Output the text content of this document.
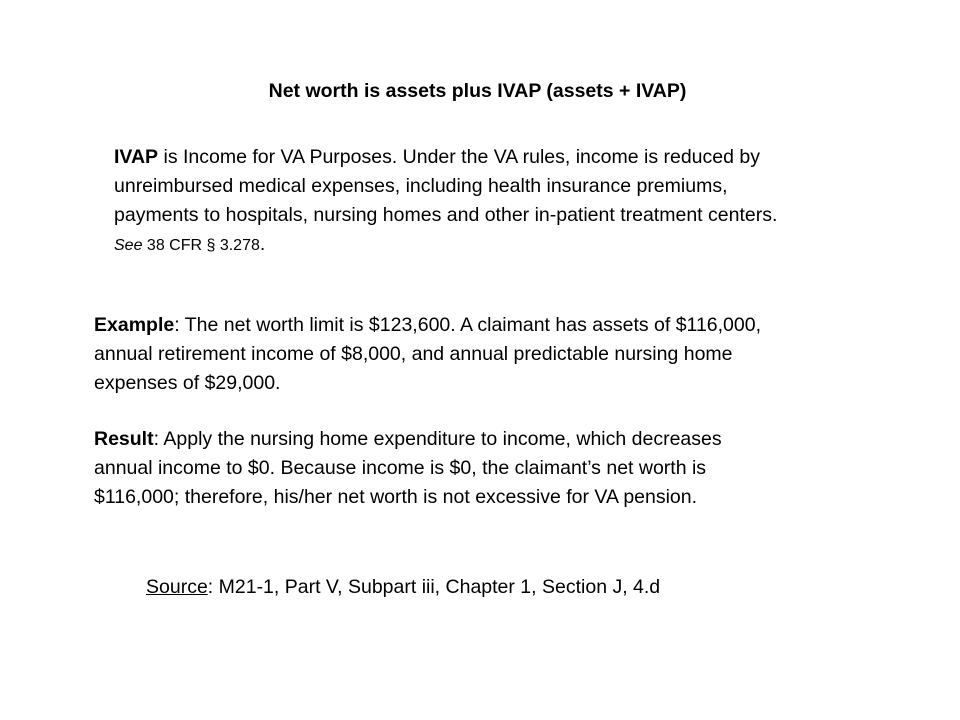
Net worth is assets plus IVAP (assets + IVAP)
IVAP is Income for VA Purposes. Under the VA rules, income is reduced by
unreimbursed medical expenses, including health insurance premiums,
payments to hospitals, nursing homes and other in-patient treatment centers.
See 38 CFR § 3.278.
Example: The net worth limit is $123,600. A claimant has assets of $116,000,
annual retirement income of $8,000, and annual predictable nursing home
expenses of $29,000.
Result: Apply the nursing home expenditure to income, which decreases
annual income to $0. Because income is $0, the claimant’s net worth is
$116,000; therefore, his/her net worth is not excessive for VA pension.
Source: M21-1, Part V, Subpart iii, Chapter 1, Section J, 4.d
